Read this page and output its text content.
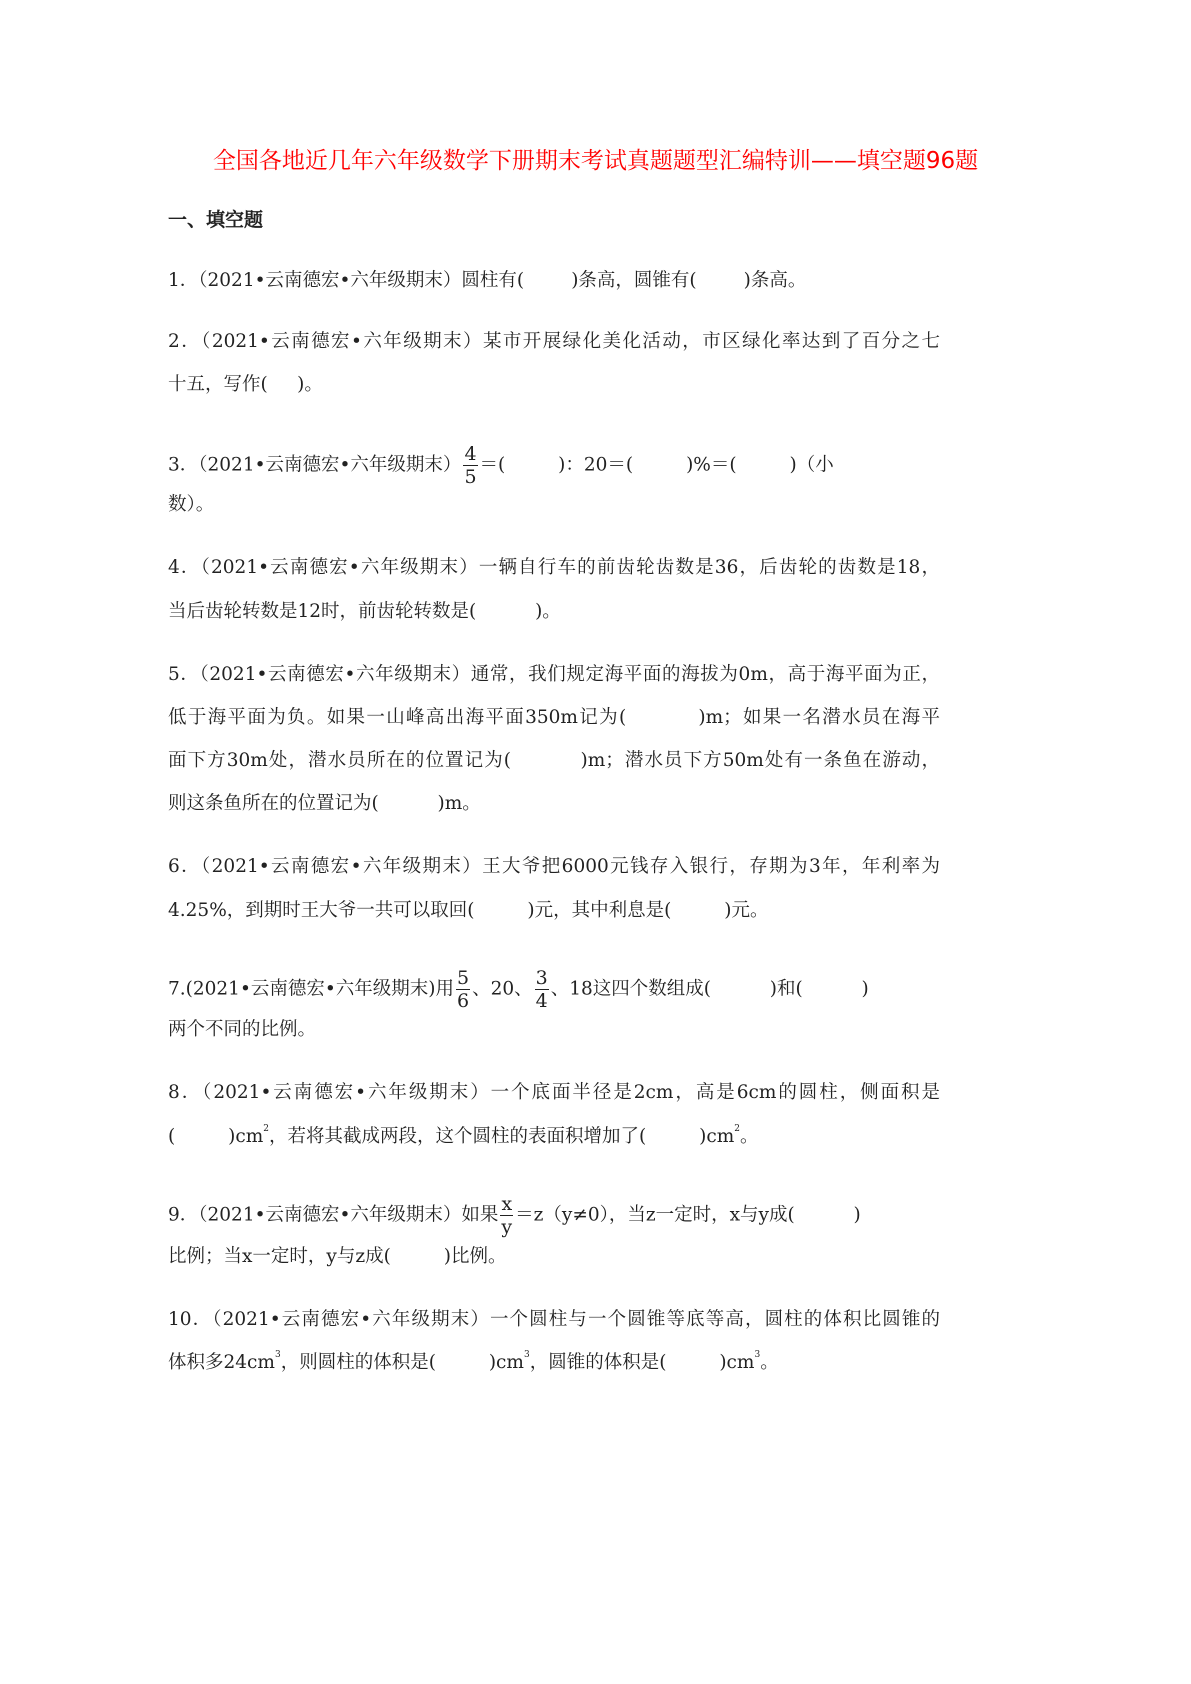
全国各地近几年六年级数学下册期末考试真题题型汇编特训——填空题96题
一、填空题
1．（2021•云南德宏•六年级期末）圆柱有(        )条高，圆锥有(        )条高。
2．（2021•云南德宏•六年级期末）某市开展绿化美化活动，市区绿化率达到了百分之七
十五，写作(     )。
3．（2021•云南德宏•六年级期末） $\frac{4}{5}$ ＝(         )：20＝(         )%＝(         )（小
数）。
4．（2021•云南德宏•六年级期末）一辆自行车的前齿轮齿数是36，后齿轮的齿数是18，
当后齿轮转数是12时，前齿轮转数是(          )。
5．（2021•云南德宏•六年级期末）通常，我们规定海平面的海拔为0m，高于海平面为正，
低于海平面为负。如果一山峰高出海平面350m记为(          )m；如果一名潜水员在海平
面下方30m处，潜水员所在的位置记为(          )m；潜水员下方50m处有一条鱼在游动，
则这条鱼所在的位置记为(          )m。
6．（2021•云南德宏•六年级期末）王大爷把6000元钱存入银行，存期为3年，年利率为
4.25%，到期时王大爷一共可以取回(         )元，其中利息是(         )元。
7.(2021•云南德宏•六年级期末)用 $\frac{5}{6}$ 、20、 $\frac{3}{4}$ 、18这四个数组成(          )和(          )
两个不同的比例。
8．（2021•云南德宏•六年级期末）一个底面半径是2cm，高是6cm的圆柱，侧面积是
(         )$cm^2$，若将其截成两段，这个圆柱的表面积增加了(         )$cm^2$。
9．（2021•云南德宏•六年级期末）如果 $\frac{x}{y} =z(y\ne 0)$，当z一定时，x与y成(          )
比例；当x一定时，y与z成(         )比例。
10．（2021•云南德宏•六年级期末）一个圆柱与一个圆锥等底等高，圆柱的体积比圆锥的
体积多$24cm^3$，则圆柱的体积是(         )$cm^3$，圆锥的体积是(         )$cm^3$。
